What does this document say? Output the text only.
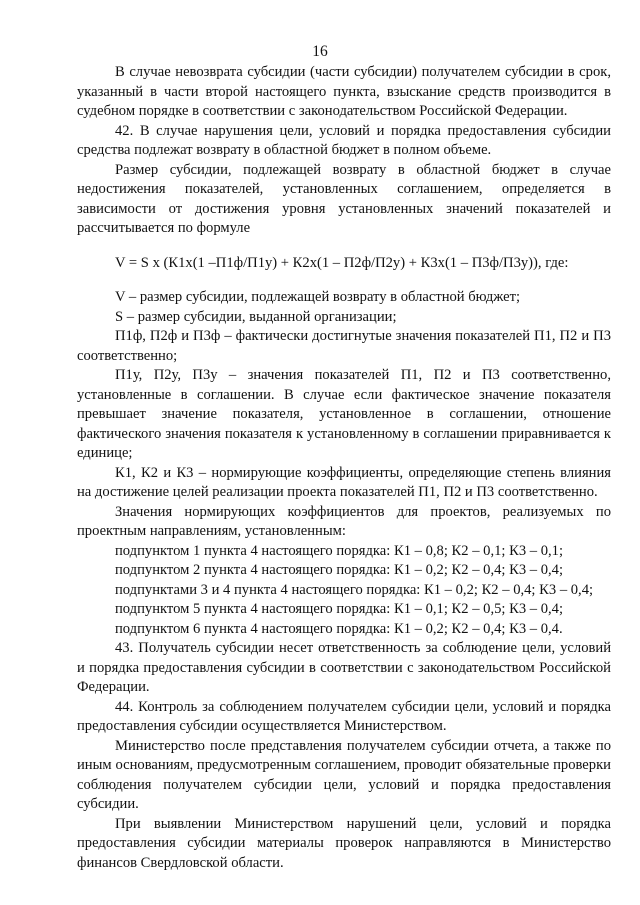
16

В случае невозврата субсидии (части субсидии) получателем субсидии в срок, указанный в части второй настоящего пункта, взыскание средств производится в судебном порядке в соответствии с законодательством Российской Федерации.

42. В случае нарушения цели, условий и порядка предоставления субсидии средства подлежат возврату в областной бюджет в полном объеме.

Размер субсидии, подлежащей возврату в областной бюджет в случае недостижения показателей, установленных соглашением, определяется в зависимости от достижения уровня установленных значений показателей и рассчитывается по формуле

V = S x (К1х(1 –П1ф/П1у) + К2х(1 – П2ф/П2у) + К3х(1 – П3ф/П3у)), где:

V – размер субсидии, подлежащей возврату в областной бюджет;

S – размер субсидии, выданной организации;

П1ф, П2ф и П3ф – фактически достигнутые значения показателей П1, П2 и П3 соответственно;

П1у, П2у, П3у – значения показателей П1, П2 и П3 соответственно, установленные в соглашении. В случае если фактическое значение показателя превышает значение показателя, установленное в соглашении, отношение фактического значения показателя к установленному в соглашении приравнивается к единице;

К1, К2 и К3 – нормирующие коэффициенты, определяющие степень влияния на достижение целей реализации проекта показателей П1, П2 и П3 соответственно.

Значения нормирующих коэффициентов для проектов, реализуемых по проектным направлениям, установленным:

подпунктом 1 пункта 4 настоящего порядка: К1 – 0,8; К2 – 0,1; К3 – 0,1;

подпунктом 2 пункта 4 настоящего порядка: К1 – 0,2; К2 – 0,4; К3 – 0,4;

подпунктами 3 и 4 пункта 4 настоящего порядка: К1 – 0,2; К2 – 0,4; К3 – 0,4;

подпунктом 5 пункта 4 настоящего порядка: К1 – 0,1; К2 – 0,5; К3 – 0,4;

подпунктом 6 пункта 4 настоящего порядка: К1 – 0,2; К2 – 0,4; К3 – 0,4.

43. Получатель субсидии несет ответственность за соблюдение цели, условий и порядка предоставления субсидии в соответствии с законодательством Российской Федерации.

44. Контроль за соблюдением получателем субсидии цели, условий и порядка предоставления субсидии осуществляется Министерством.

Министерство после представления получателем субсидии отчета, а также по иным основаниям, предусмотренным соглашением, проводит обязательные проверки соблюдения получателем субсидии цели, условий и порядка предоставления субсидии.

При выявлении Министерством нарушений цели, условий и порядка предоставления субсидии материалы проверок направляются в Министерство финансов Свердловской области.
